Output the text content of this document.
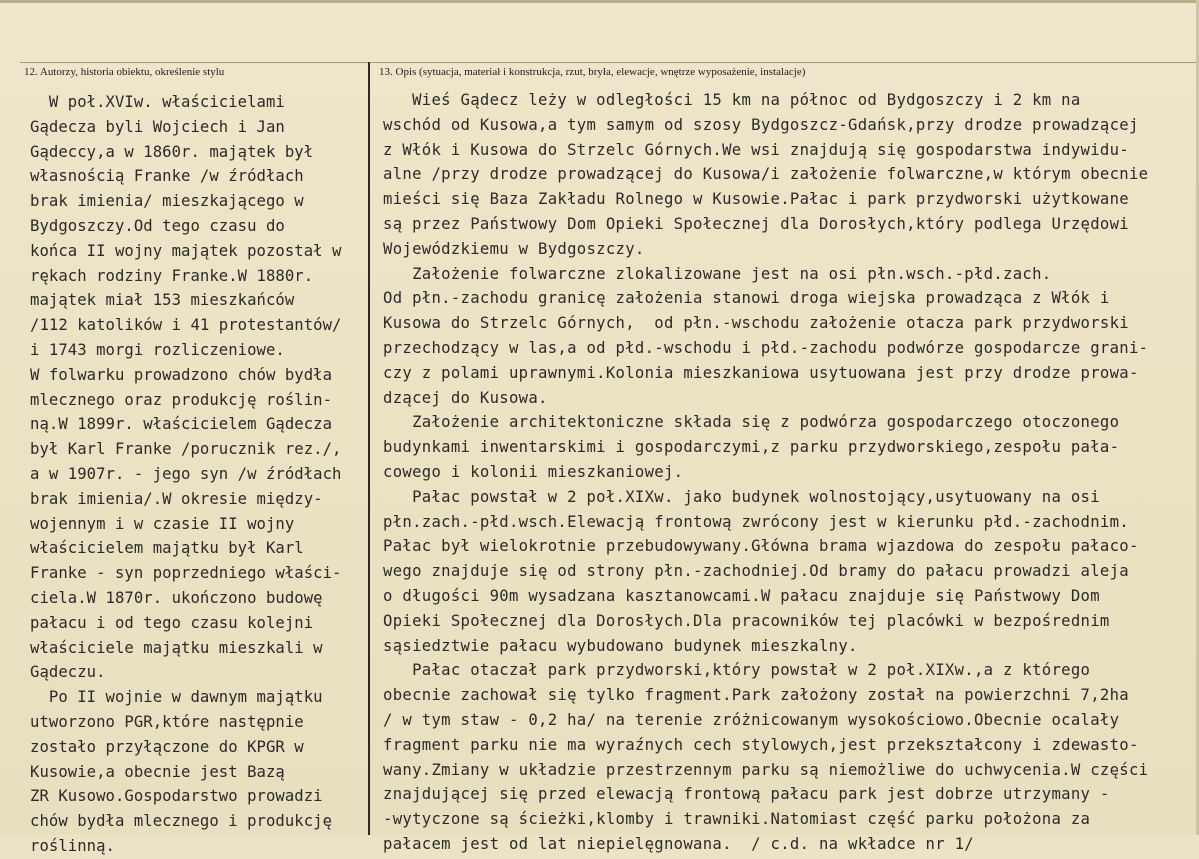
12. Autorzy, historia obiektu, określenie stylu	13. Opis (sytuacja, materiał i konstrukcja, rzut, bryła, elewacje, wnętrze wyposażenie, instalacje)
W poł.XVIw. właścicielami
Gądecza byli Wojciech i Jan
Gądeccy,a w 1860r. majątek był
własnością Franke /w źródłach
brak imienia/ mieszkającego w
Bydgoszczy.Od tego czasu do
końca II wojny majątek pozostał w
rękach rodziny Franke.W 1880r.
majątek miał 153 mieszkańców
/112 katolików i 41 protestantów/
i 1743 morgi rozliczeniowe.
W folwarku prowadzono chów bydła
mlecznego oraz produkcję roślin-
ną.W 1899r. właścicielem Gądecza
był Karl Franke /porucznik rez./,
a w 1907r. - jego syn /w źródłach
brak imienia/.W okresie między-
wojennym i w czasie II wojny
właścicielem majątku był Karl
Franke - syn poprzedniego właści-
ciela.W 1870r. ukończono budowę
pałacu i od tego czasu kolejni
właściciele majątku mieszkali w
Gądeczu.
Po II wojnie w dawnym majątku
utworzono PGR,które następnie
zostało przyłączone do KPGR w
Kusowie,a obecnie jest Bazą
ZR Kusowo.Gospodarstwo prowadzi
chów bydła mlecznego i produkcję
roślinną.
Wieś Gądecz leży w odległości 15 km na północ od Bydgoszczy i 2 km na
wschód od Kusowa,a tym samym od szosy Bydgoszcz-Gdańsk,przy drodze prowadzącej
z Włók i Kusowa do Strzelc Górnych.We wsi znajdują się gospodarstwa indywidu-
alne /przy drodze prowadzącej do Kusowa/i założenie folwarczne,w którym obecnie
mieści się Baza Zakładu Rolnego w Kusowie.Pałac i park przydworski użytkowane
są przez Państwowy Dom Opieki Społecznej dla Dorosłych,który podlega Urzędowi
Wojewódzkiemu w Bydgoszczy.
Założenie folwarczne zlokalizowane jest na osi płn.wsch.-płd.zach.
Od płn.-zachodu granicę założenia stanowi droga wiejska prowadząca z Włók i
Kusowa do Strzelc Górnych,  od płn.-wschodu założenie otacza park przydworski
przechodzący w las,a od płd.-wschodu i płd.-zachodu podwórze gospodarcze grani-
czy z polami uprawnymi.Kolonia mieszkaniowa usytuowana jest przy drodze prowa-
dzącej do Kusowa.
Założenie architektoniczne składa się z podwórza gospodarczego otoczonego
budynkami inwentarskimi i gospodarczymi,z parku przydworskiego,zespołu pała-
cowego i kolonii mieszkaniowej.
Pałac powstał w 2 poł.XIXw. jako budynek wolnostojący,usytuowany na osi
płn.zach.-płd.wsch.Elewacją frontową zwrócony jest w kierunku płd.-zachodnim.
Pałac był wielokrotnie przebudowywany.Główna brama wjazdowa do zespołu pałaco-
wego znajduje się od strony płn.-zachodniej.Od bramy do pałacu prowadzi aleja
o długości 90m wysadzana kasztanowcami.W pałacu znajduje się Państwowy Dom
Opieki Społecznej dla Dorosłych.Dla pracowników tej placówki w bezpośrednim
sąsiedztwie pałacu wybudowano budynek mieszkalny.
Pałac otaczał park przydworski,który powstał w 2 poł.XIXw.,a z którego
obecnie zachował się tylko fragment.Park założony został na powierzchni 7,2ha
/ w tym staw - 0,2 ha/ na terenie zróżnicowanym wysokościowo.Obecnie ocalały
fragment parku nie ma wyraźnych cech stylowych,jest przekształcony i zdewasto-
wany.Zmiany w układzie przestrzennym parku są niemożliwe do uchwycenia.W części
znajdującej się przed elewacją frontową pałacu park jest dobrze utrzymany -
-wytyczone są ścieżki,klomby i trawniki.Natomiast część parku położona za
pałacem jest od lat niepielęgnowana.  / c.d. na wkładce nr 1/
